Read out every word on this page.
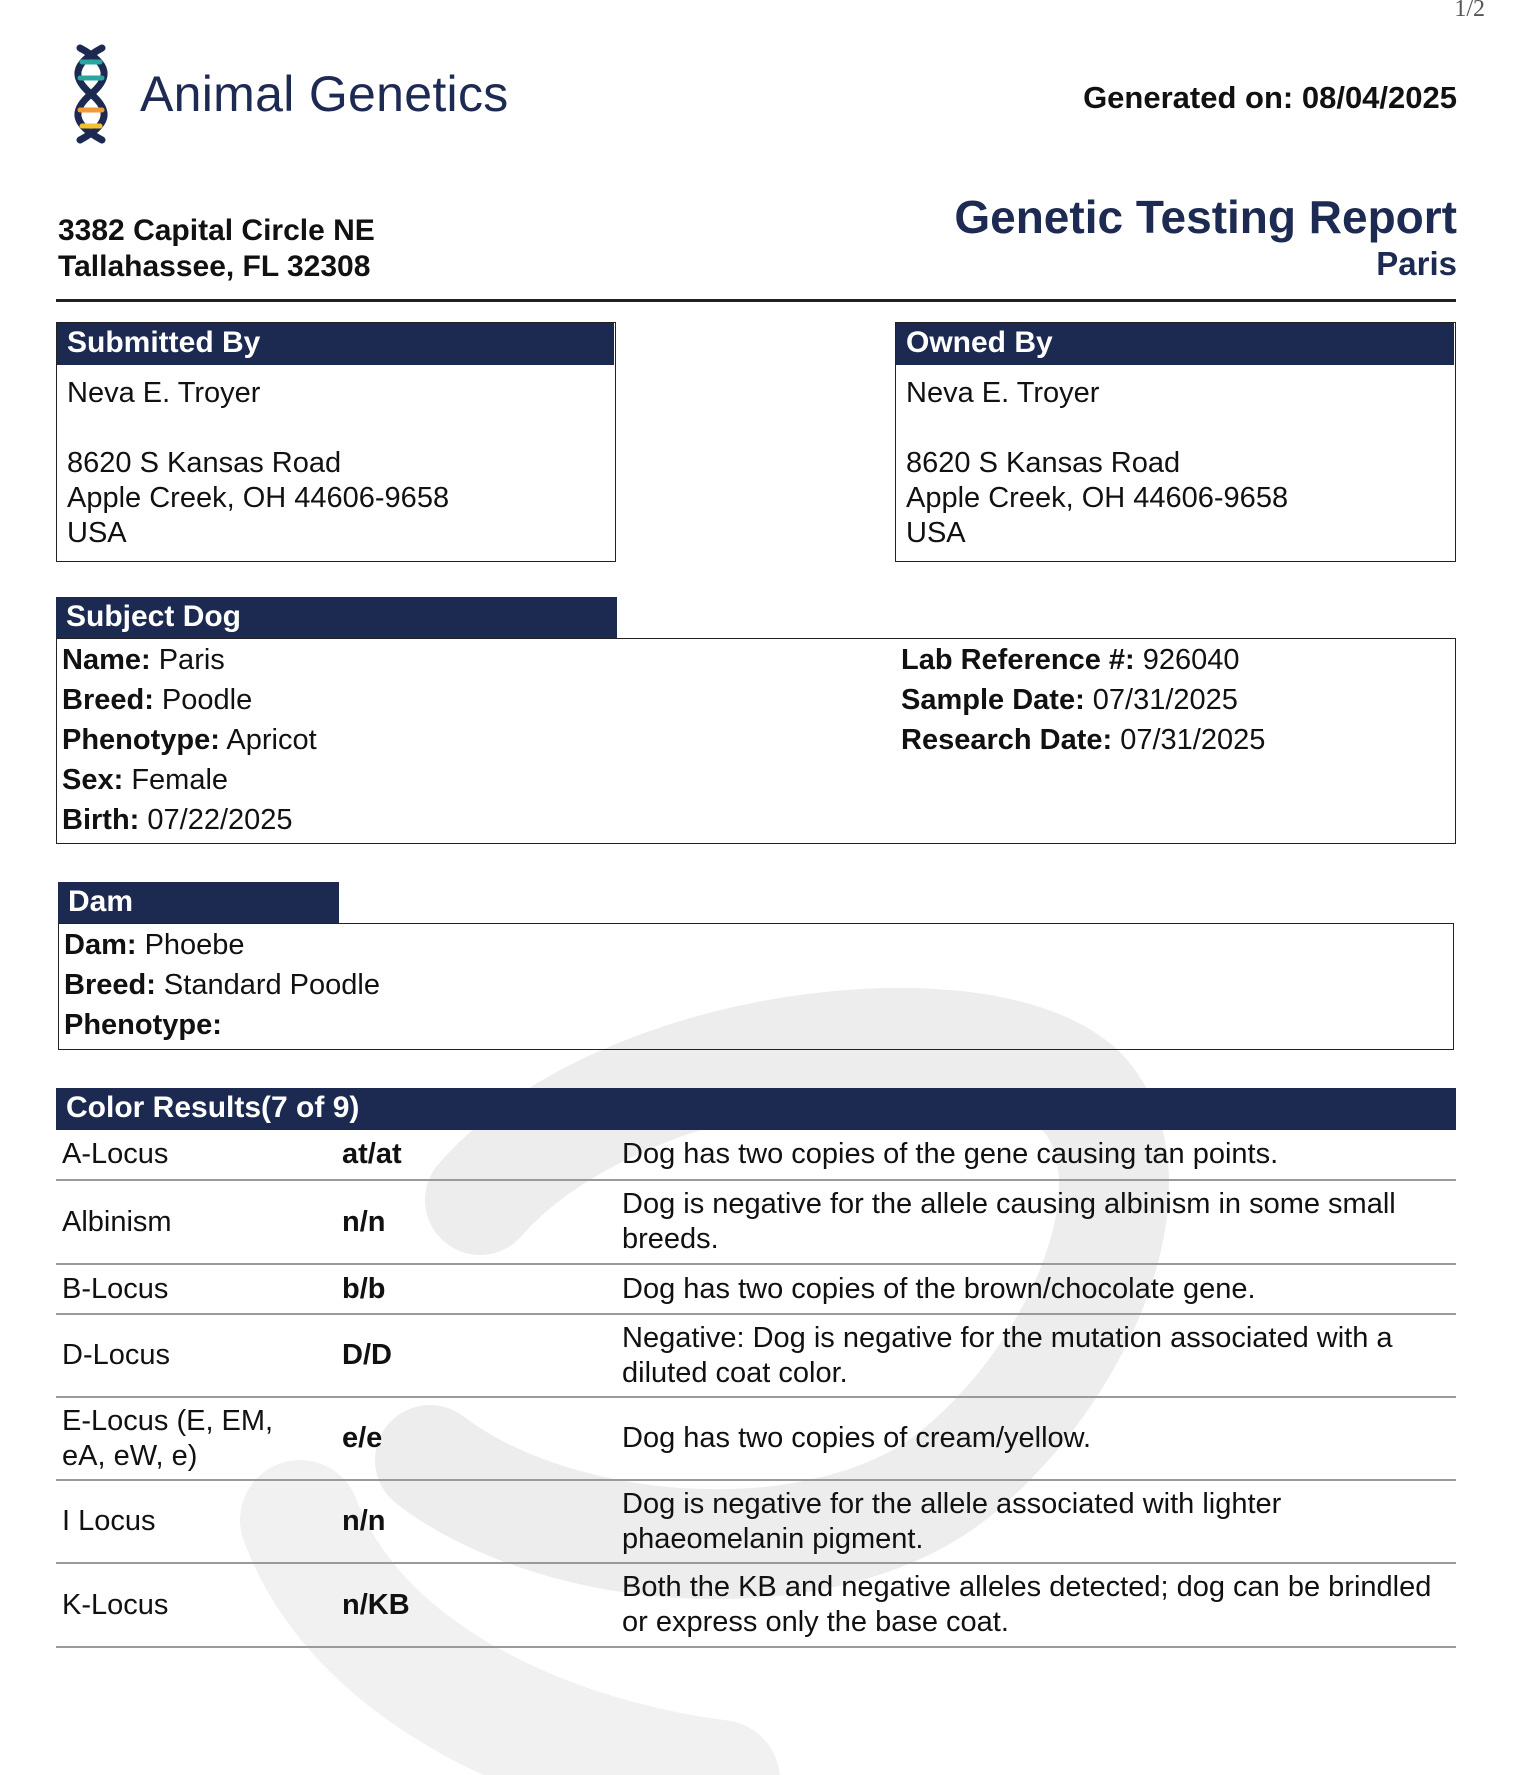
1/2
Animal Genetics	Generated on: 08/04/2025
3382 Capital Circle NE
Tallahassee, FL 32308
Genetic Testing Report
Paris
Submitted By
Neva E. Troyer
8620 S Kansas Road
Apple Creek, OH 44606-9658
USA
Owned By
Neva E. Troyer
8620 S Kansas Road
Apple Creek, OH 44606-9658
USA
Subject Dog
Name: Paris
Breed: Poodle
Phenotype: Apricot
Sex: Female
Birth: 07/22/2025
Lab Reference #: 926040
Sample Date: 07/31/2025
Research Date: 07/31/2025
Dam
Dam: Phoebe
Breed: Standard Poodle
Phenotype:
Color Results(7 of 9)
A-Locus	at/at	Dog has two copies of the gene causing tan points.
Albinism	n/n	Dog is negative for the allele causing albinism in some small breeds.
B-Locus	b/b	Dog has two copies of the brown/chocolate gene.
D-Locus	D/D	Negative: Dog is negative for the mutation associated with a diluted coat color.
E-Locus (E, EM, eA, eW, e)	e/e	Dog has two copies of cream/yellow.
I Locus	n/n	Dog is negative for the allele associated with lighter phaeomelanin pigment.
K-Locus	n/KB	Both the KB and negative alleles detected; dog can be brindled or express only the base coat.
